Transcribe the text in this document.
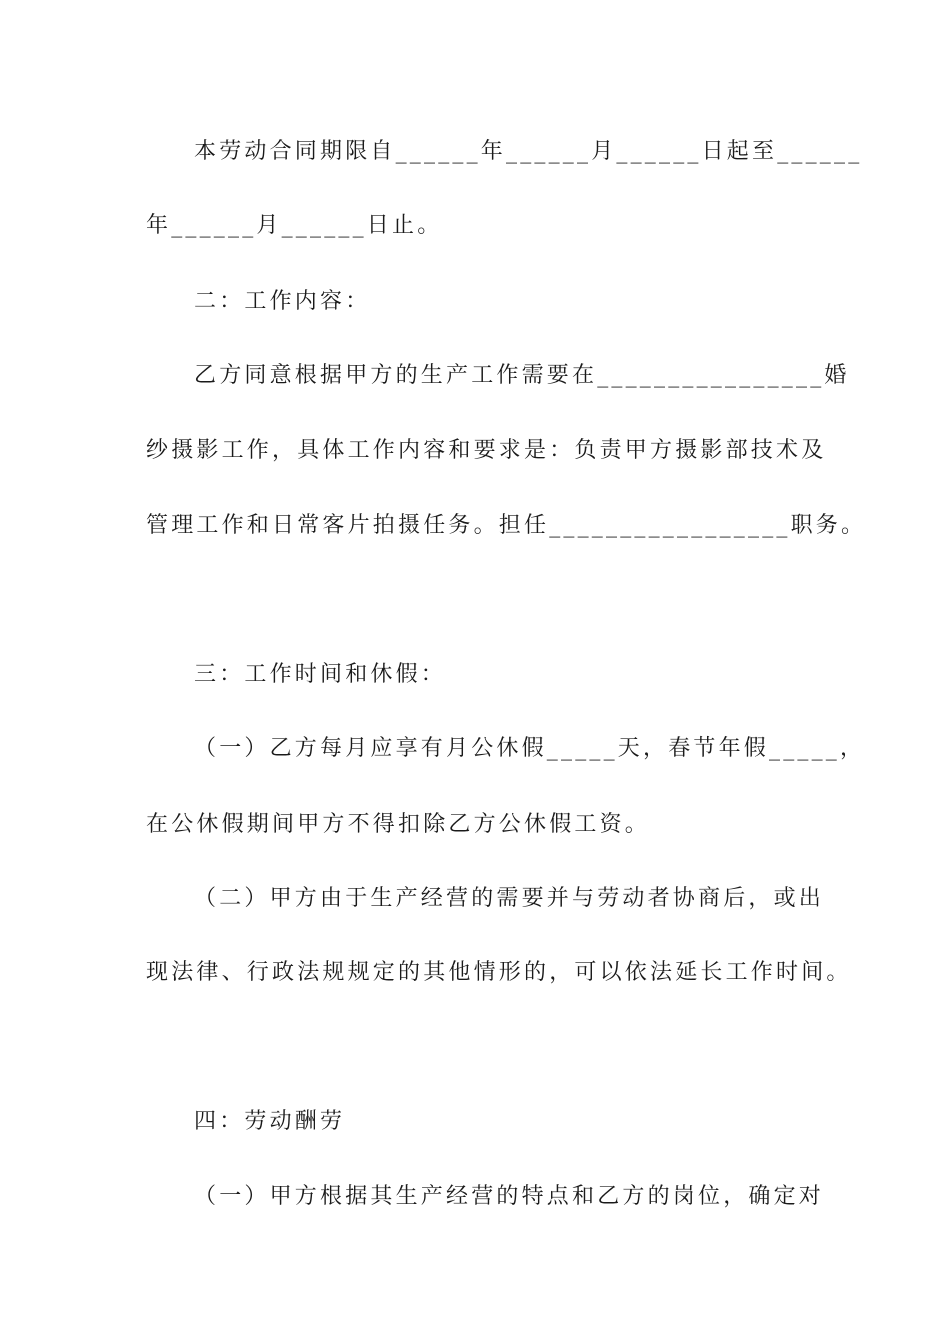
本劳动合同期限自______年______月______日起至______

年______月______日止。

二：工作内容：

乙方同意根据甲方的生产工作需要在________________婚

纱摄影工作，具体工作内容和要求是：负责甲方摄影部技术及

管理工作和日常客片拍摄任务。担任_________________职务。

三：工作时间和休假：

（一）乙方每月应享有月公休假_____天，春节年假_____，

在公休假期间甲方不得扣除乙方公休假工资。

（二）甲方由于生产经营的需要并与劳动者协商后，或出

现法律、行政法规规定的其他情形的，可以依法延长工作时间。

四：劳动酬劳

（一）甲方根据其生产经营的特点和乙方的岗位，确定对
